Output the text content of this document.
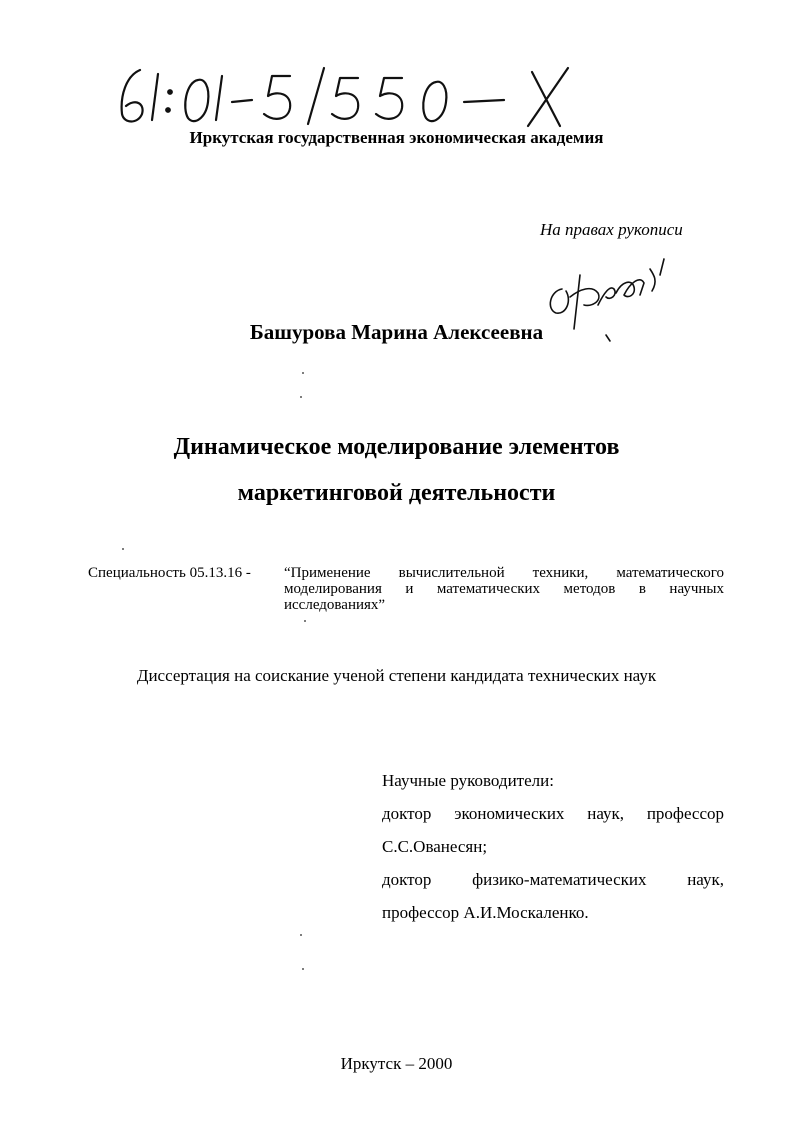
Иркутская государственная экономическая академия
На правах рукописи
Башурова Марина Алексеевна
Динамическое моделирование элементов
маркетинговой деятельности
Специальность 05.13.16 - “Применение вычислительной техники, математического моделирования и математических методов в научных исследованиях”
Диссертация на соискание ученой степени кандидата технических наук
Научные руководители:
доктор экономических наук, профессор
С.С.Ованесян;
доктор физико-математических наук,
профессор А.И.Москаленко.
Иркутск – 2000
